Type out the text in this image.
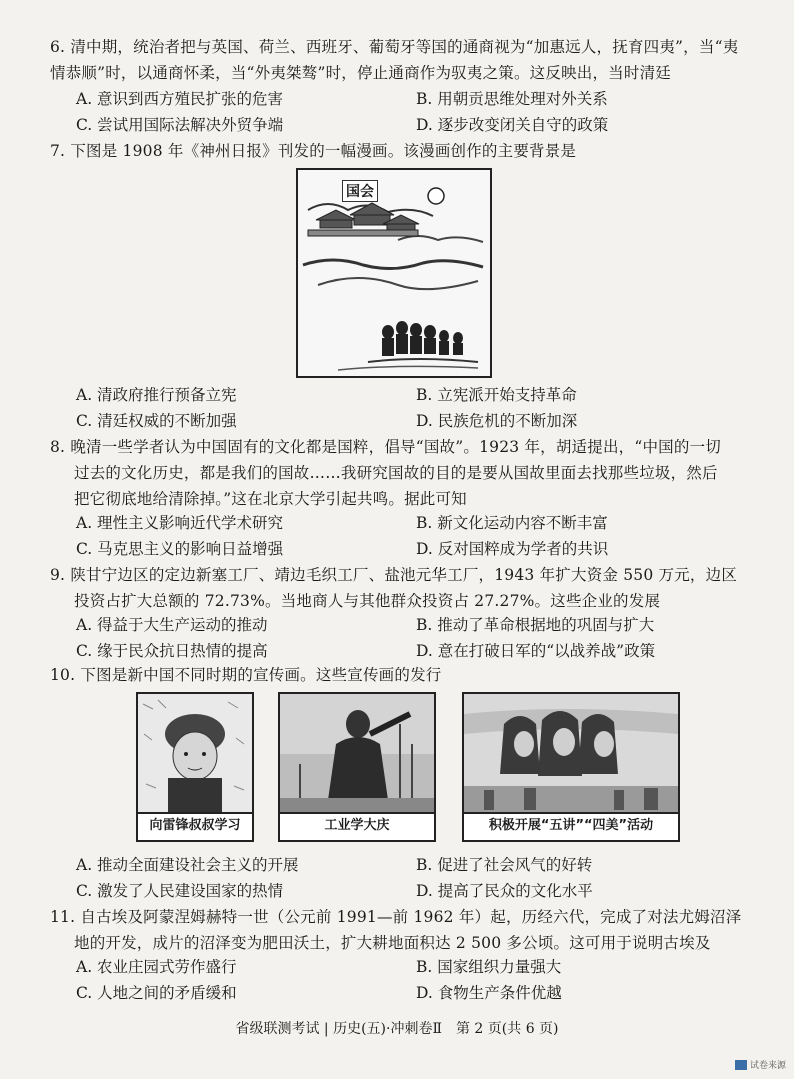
6. 清中期，统治者把与英国、荷兰、西班牙、葡萄牙等国的通商视为“加惠远人，抚育四夷”，当“夷

情恭顺”时，以通商怀柔，当“外夷桀骜”时，停止通商作为驭夷之策。这反映出，当时清廷

A. 意识到西方殖民扩张的危害	B. 用朝贡思维处理对外关系
C. 尝试用国际法解决外贸争端	D. 逐步改变闭关自守的政策

7. 下图是 1908 年《神州日报》刊发的一幅漫画。该漫画创作的主要背景是

国会
A. 清政府推行预备立宪	B. 立宪派开始支持革命
C. 清廷权威的不断加强	D. 民族危机的不断加深

8. 晚清一些学者认为中国固有的文化都是国粹，倡导“国故”。1923 年，胡适提出，“中国的一切

过去的文化历史，都是我们的国故……我研究国故的目的是要从国故里面去找那些垃圾，然后

把它彻底地给清除掉。”这在北京大学引起共鸣。据此可知

A. 理性主义影响近代学术研究	B. 新文化运动内容不断丰富
C. 马克思主义的影响日益增强	D. 反对国粹成为学者的共识

9. 陕甘宁边区的定边新塞工厂、靖边毛织工厂、盐池元华工厂，1943 年扩大资金 550 万元，边区

投资占扩大总额的 72.73%。当地商人与其他群众投资占 27.27%。这些企业的发展

A. 得益于大生产运动的推动	B. 推动了革命根据地的巩固与扩大
C. 缘于民众抗日热情的提高	D. 意在打破日军的“以战养战”政策

10. 下图是新中国不同时期的宣传画。这些宣传画的发行

向雷锋叔叔学习	工业学大庆	积极开展“五讲”“四美”活动
A. 推动全面建设社会主义的开展	B. 促进了社会风气的好转
C. 激发了人民建设国家的热情	D. 提高了民众的文化水平

11. 自古埃及阿蒙涅姆赫特一世（公元前 1991—前 1962 年）起，历经六代，完成了对法尤姆沼泽

地的开发，成片的沼泽变为肥田沃土，扩大耕地面积达 2 500 多公顷。这可用于说明古埃及

A. 农业庄园式劳作盛行	B. 国家组织力量强大
C. 人地之间的矛盾缓和	D. 食物生产条件优越
省级联测考试 | 历史(五)·冲刺卷Ⅱ　第 2 页(共 6 页)
试卷来源
